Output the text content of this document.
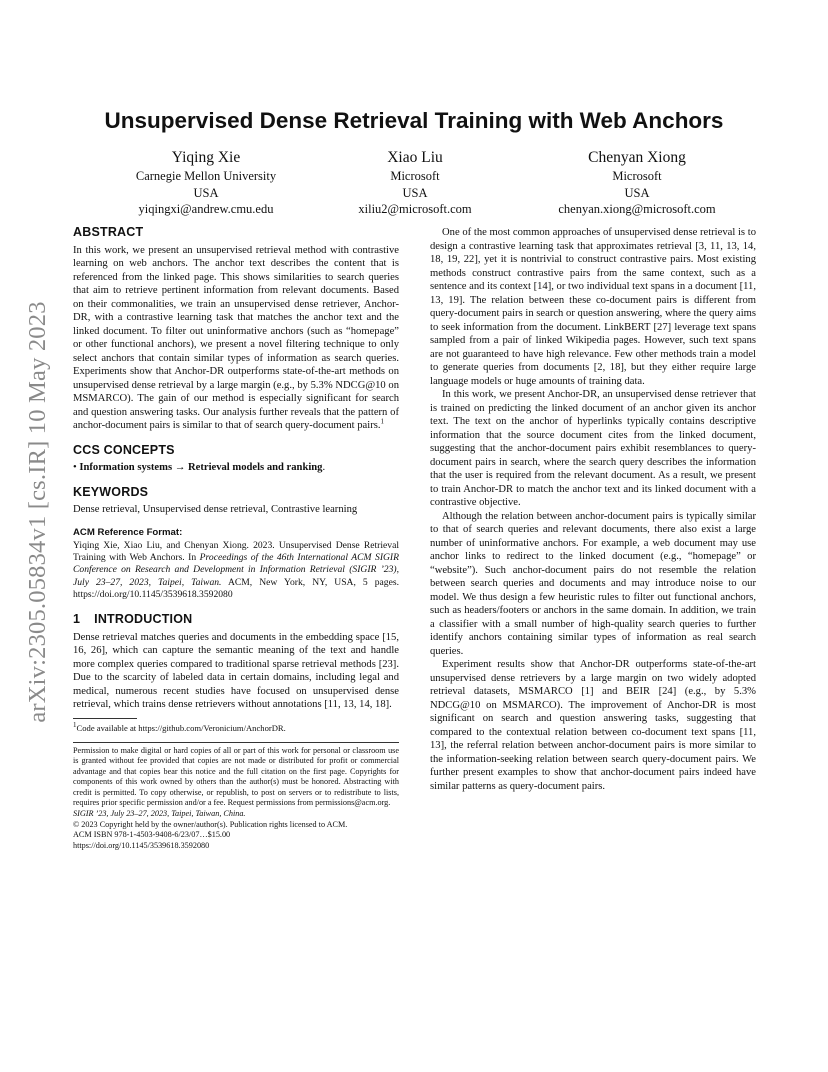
arXiv:2305.05834v1 [cs.IR] 10 May 2023
Unsupervised Dense Retrieval Training with Web Anchors
Yiqing Xie
Carnegie Mellon University
USA
yiqingxi@andrew.cmu.edu
Xiao Liu
Microsoft
USA
xiliu2@microsoft.com
Chenyan Xiong
Microsoft
USA
chenyan.xiong@microsoft.com
ABSTRACT

In this work, we present an unsupervised retrieval method with contrastive learning on web anchors. The anchor text describes the content that is referenced from the linked page. This shows similarities to search queries that aim to retrieve pertinent information from relevant documents. Based on their commonalities, we train an unsupervised dense retriever, Anchor-DR, with a contrastive learning task that matches the anchor text and the linked document. To filter out uninformative anchors (such as “homepage” or other functional anchors), we present a novel filtering technique to only select anchors that contain similar types of information as search queries. Experiments show that Anchor-DR outperforms state-of-the-art methods on unsupervised dense retrieval by a large margin (e.g., by 5.3% NDCG@10 on MSMARCO). The gain of our method is especially significant for search and question answering tasks. Our analysis further reveals that the pattern of anchor-document pairs is similar to that of search query-document pairs.$^1$

CCS CONCEPTS

• Information systems → Retrieval models and ranking.

KEYWORDS

Dense retrieval, Unsupervised dense retrieval, Contrastive learning

ACM Reference Format:

Yiqing Xie, Xiao Liu, and Chenyan Xiong. 2023. Unsupervised Dense Retrieval Training with Web Anchors. In Proceedings of the 46th International ACM SIGIR Conference on Research and Development in Information Retrieval (SIGIR ’23), July 23–27, 2023, Taipei, Taiwan. ACM, New York, NY, USA, 5 pages. https://doi.org/10.1145/3539618.3592080

1 INTRODUCTION

Dense retrieval matches queries and documents in the embedding space [15, 16, 26], which can capture the semantic meaning of the text and handle more complex queries compared to traditional sparse retrieval methods [23]. Due to the scarcity of labeled data in certain domains, including legal and medical, numerous recent studies have focused on unsupervised dense retrieval, which trains dense retrievers without annotations [11, 13, 14, 18].

$^1$Code available at https://github.com/Veronicium/AnchorDR.
Permission to make digital or hard copies of all or part of this work for personal or classroom use is granted without fee provided that copies are not made or distributed for profit or commercial advantage and that copies bear this notice and the full citation on the first page. Copyrights for components of this work owned by others than the author(s) must be honored. Abstracting with credit is permitted. To copy otherwise, or republish, to post on servers or to redistribute to lists, requires prior specific permission and/or a fee. Request permissions from permissions@acm.org.
SIGIR ’23, July 23–27, 2023, Taipei, Taiwan, China.
© 2023 Copyright held by the owner/author(s). Publication rights licensed to ACM.
ACM ISBN 978-1-4503-9408-6/23/07…$15.00
https://doi.org/10.1145/3539618.3592080

One of the most common approaches of unsupervised dense retrieval is to design a contrastive learning task that approximates retrieval [3, 11, 13, 14, 18, 19, 22], yet it is nontrivial to construct contrastive pairs. Most existing methods construct contrastive pairs from the same context, such as a sentence and its context [14], or two individual text spans in a document [11, 13, 19]. The relation between these co-document pairs is different from query-document pairs in search or question answering, where the query aims to seek information from the document. LinkBERT [27] leverage text spans sampled from a pair of linked Wikipedia pages. However, such text spans are not guaranteed to have high relevance. Few other methods train a model to generate queries from documents [2, 18], but they either require large language models or huge amounts of training data.

In this work, we present Anchor-DR, an unsupervised dense retriever that is trained on predicting the linked document of an anchor given its anchor text. The text on the anchor of hyperlinks typically contains descriptive information that the source document cites from the linked document, suggesting that the anchor-document pairs exhibit resemblances to query-document pairs in search, where the search query describes the information that the user is required from the relevant document. As a result, we present to train Anchor-DR to match the anchor text and its linked document with a contrastive objective.

Although the relation between anchor-document pairs is typically similar to that of search queries and relevant documents, there also exist a large number of uninformative anchors. For example, a web document may use anchor links to redirect to the linked document (e.g., “homepage” or “website”). Such anchor-document pairs do not resemble the relation between search queries and documents and may introduce noise to our model. We thus design a few heuristic rules to filter out functional anchors, such as headers/footers or anchors in the same domain. In addition, we train a classifier with a small number of high-quality search queries to further identify anchors containing similar types of information as real search queries.

Experiment results show that Anchor-DR outperforms state-of-the-art unsupervised dense retrievers by a large margin on two widely adopted retrieval datasets, MSMARCO [1] and BEIR [24] (e.g., by 5.3% NDCG@10 on MSMARCO). The improvement of Anchor-DR is most significant on search and question answering tasks, suggesting that compared to the contextual relation between co-document text spans [11, 13], the referral relation between anchor-document pairs is more similar to the information-seeking relation between search query-document pairs. We further present examples to show that anchor-document pairs indeed have similar patterns as query-document pairs.
